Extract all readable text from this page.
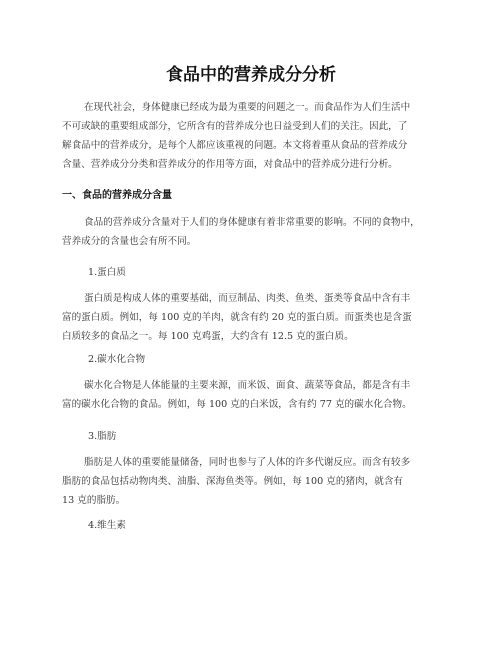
食品中的营养成分分析

在现代社会，身体健康已经成为最为重要的问题之一。而食品作为人们生活中
不可或缺的重要组成部分，它所含有的营养成分也日益受到人们的关注。因此，了
解食品中的营养成分，是每个人都应该重视的问题。本文将着重从食品的营养成分
含量、营养成分分类和营养成分的作用等方面，对食品中的营养成分进行分析。

一、食品的营养成分含量

食品的营养成分含量对于人们的身体健康有着非常重要的影响。不同的食物中，
营养成分的含量也会有所不同。

1.蛋白质

蛋白质是构成人体的重要基础，而豆制品、肉类、鱼类、蛋类等食品中含有丰
富的蛋白质。例如，每 100 克的羊肉，就含有约 20 克的蛋白质。而蛋类也是含蛋
白质较多的食品之一。每 100 克鸡蛋，大约含有 12.5 克的蛋白质。

2.碳水化合物

碳水化合物是人体能量的主要来源，而米饭、面食、蔬菜等食品，都是含有丰
富的碳水化合物的食品。例如，每 100 克的白米饭，含有约 77 克的碳水化合物。

3.脂肪

脂肪是人体的重要能量储备，同时也参与了人体的许多代谢反应。而含有较多
脂肪的食品包括动物肉类、油脂、深海鱼类等。例如，每 100 克的猪肉，就含有
13 克的脂肪。

4.维生素
